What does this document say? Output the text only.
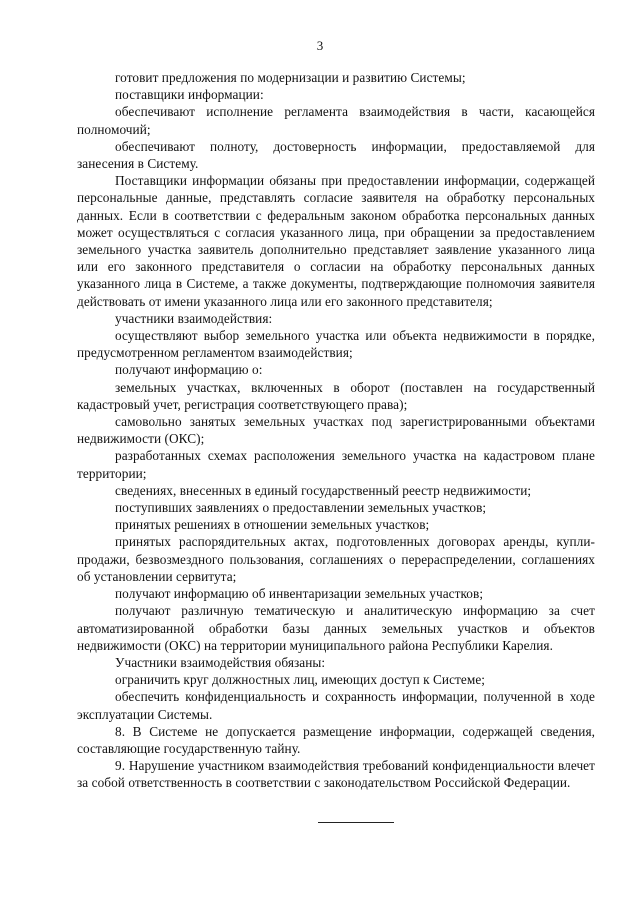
3

готовит предложения по модернизации и развитию Системы;

поставщики информации:

обеспечивают исполнение регламента взаимодействия в части, касающейся полномочий;

обеспечивают полноту, достоверность информации, предоставляемой для занесения в Систему.

Поставщики информации обязаны при предоставлении информации, содержащей персональные данные, представлять согласие заявителя на обработку персональных данных. Если в соответствии с федеральным законом обработка персональных данных может осуществляться с согласия указанного лица, при обращении за предоставлением земельного участка заявитель дополнительно представляет заявление указанного лица или его законного представителя о согласии на обработку персональных данных указанного лица в Системе, а также документы, подтверждающие полномочия заявителя действовать от имени указанного лица или его законного представителя;

участники взаимодействия:

осуществляют выбор земельного участка или объекта недвижимости в порядке, предусмотренном регламентом взаимодействия;

получают информацию о:

земельных участках, включенных в оборот (поставлен на государственный кадастровый учет, регистрация соответствующего права);

самовольно занятых земельных участках под зарегистрированными объектами недвижимости (ОКС);

разработанных схемах расположения земельного участка на кадастровом плане территории;

сведениях, внесенных в единый государственный реестр недвижимости;

поступивших заявлениях о предоставлении земельных участков;

принятых решениях в отношении земельных участков;

принятых распорядительных актах, подготовленных договорах аренды, купли-продажи, безвозмездного пользования, соглашениях о перераспределении, соглашениях об установлении сервитута;

получают информацию об инвентаризации земельных участков;

получают различную тематическую и аналитическую информацию за счет автоматизированной обработки базы данных земельных участков и объектов недвижимости (ОКС) на территории муниципального района Республики Карелия.

Участники взаимодействия обязаны:

ограничить круг должностных лиц, имеющих доступ к Системе;

обеспечить конфиденциальность и сохранность информации, полученной в ходе эксплуатации Системы.

8. В Системе не допускается размещение информации, содержащей сведения, составляющие государственную тайну.

9. Нарушение участником взаимодействия требований конфиденциальности влечет за собой ответственность в соответствии с законодательством Российской Федерации.
